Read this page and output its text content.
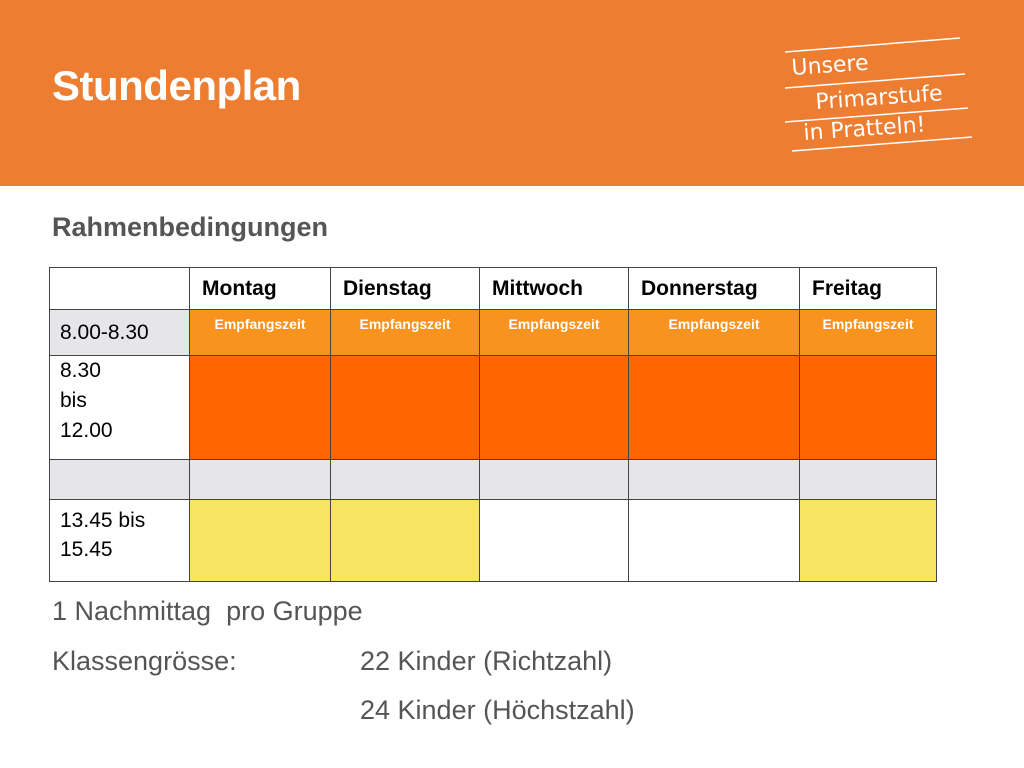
Stundenplan	Unsere
Primarstufe
in Pratteln!
Rahmenbedingungen
	Montag	Dienstag	Mittwoch	Donnerstag	Freitag
8.00-8.30	Empfangszeit	Empfangszeit	Empfangszeit	Empfangszeit	Empfangszeit

8.30
bis
12.00					

13.45 bis
15.45					

1 Nachmittag  pro Gruppe
Klassengrösse:	22 Kinder (Richtzahl)
24 Kinder (Höchstzahl)
